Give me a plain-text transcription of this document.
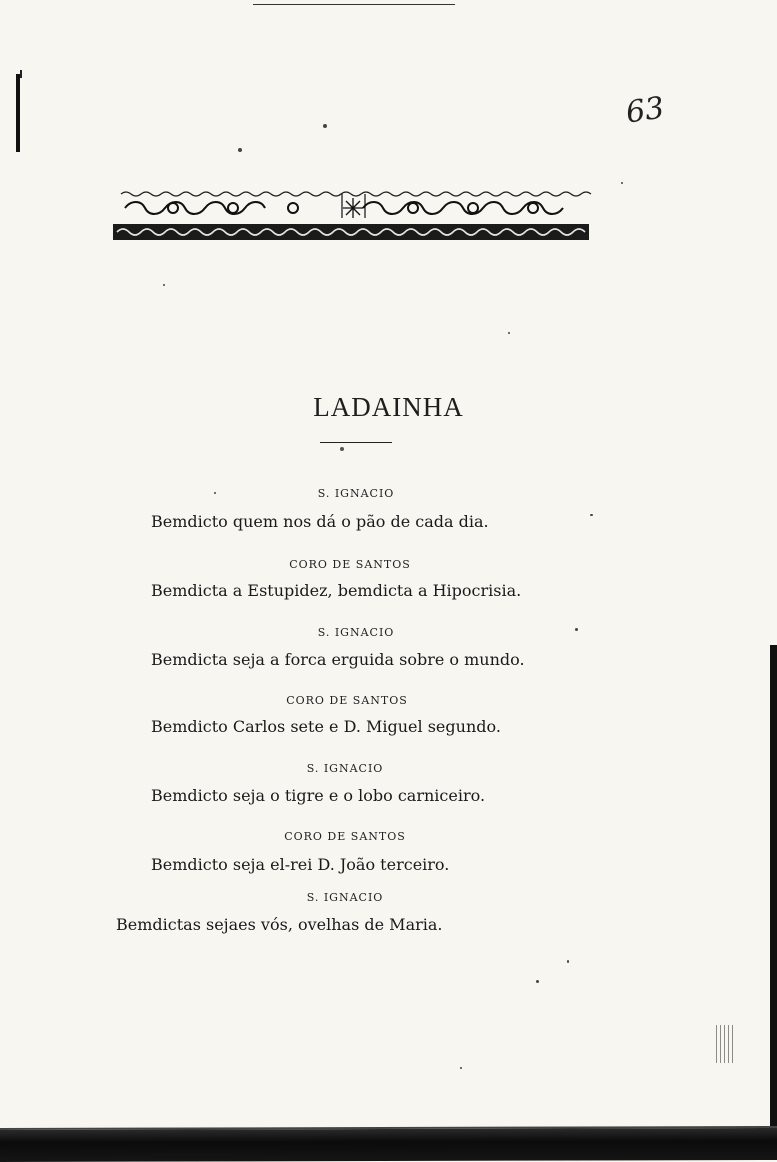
63
LADAINHA
S. IGNACIO
Bemdicto quem nos dá o pão de cada dia.
CORO DE SANTOS
Bemdicta a Estupidez, bemdicta a Hipocrisia.
S. IGNACIO
Bemdicta seja a forca erguida sobre o mundo.
CORO DE SANTOS
Bemdicto Carlos sete e D. Miguel segundo.
S. IGNACIO
Bemdicto seja o tigre e o lobo carniceiro.
CORO DE SANTOS
Bemdicto seja el-rei D. João terceiro.
S. IGNACIO
Bemdictas sejaes vós, ovelhas de Maria.
